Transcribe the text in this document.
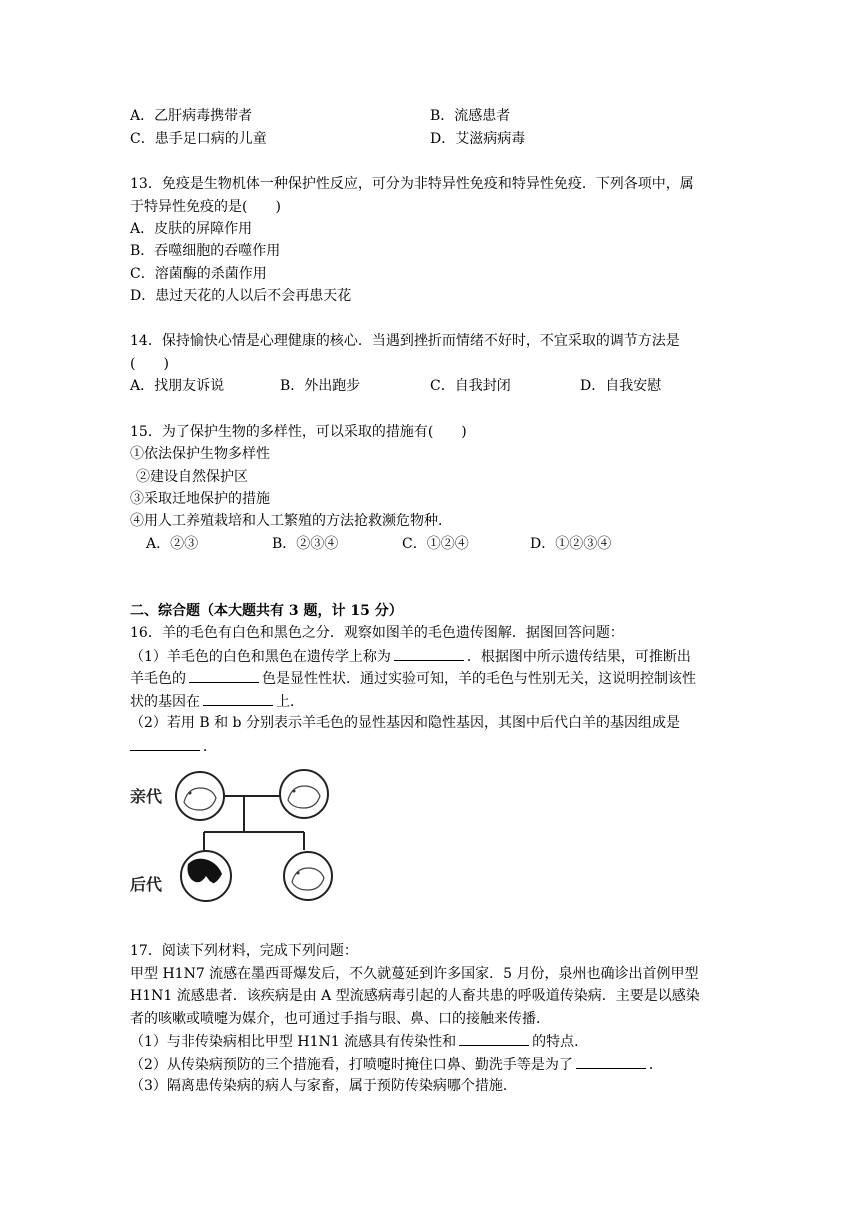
A．乙肝病毒携带者	B．流感患者
C．患手足口病的儿童	D．艾滋病病毒
13．免疫是生物机体一种保护性反应，可分为非特异性免疫和特异性免疫．下列各项中，属
于特异性免疫的是(　　)
A．皮肤的屏障作用
B．吞噬细胞的吞噬作用
C．溶菌酶的杀菌作用
D．患过天花的人以后不会再患天花
14．保持愉快心情是心理健康的核心．当遇到挫折而情绪不好时，不宜采取的调节方法是
(　　)
A．找朋友诉说	B．外出跑步	C．自我封闭	D．自我安慰
15．为了保护生物的多样性，可以采取的措施有(　　)
①依法保护生物多样性
②建设自然保护区
③采取迁地保护的措施
④用人工养殖栽培和人工繁殖的方法抢救濒危物种．
A．②③	B．②③④	C．①②④	D．①②③④
二、综合题（本大题共有 3 题，计 15 分）
16．羊的毛色有白色和黑色之分．观察如图羊的毛色遗传图解．据图回答问题：
（1）羊毛色的白色和黑色在遗传学上称为	．根据图中所示遗传结果，可推断出
羊毛色的	色是显性性状．通过实验可知，羊的毛色与性别无关，这说明控制该性
状的基因在	上．
（2）若用 B 和 b 分别表示羊毛色的显性基因和隐性基因，其图中后代白羊的基因组成是
．
亲代
后代
17．阅读下列材料，完成下列问题：
甲型 H1N7 流感在墨西哥爆发后，不久就蔓延到许多国家．5 月份，泉州也确诊出首例甲型
H1N1 流感患者．该疾病是由 A 型流感病毒引起的人畜共患的呼吸道传染病．主要是以感染
者的咳嗽或喷嚏为媒介，也可通过手指与眼、鼻、口的接触来传播．
（1）与非传染病相比甲型 H1N1 流感具有传染性和	的特点．
（2）从传染病预防的三个措施看，打喷嚏时掩住口鼻、勤洗手等是为了	．
（3）隔离患传染病的病人与家畜，属于预防传染病哪个措施．
